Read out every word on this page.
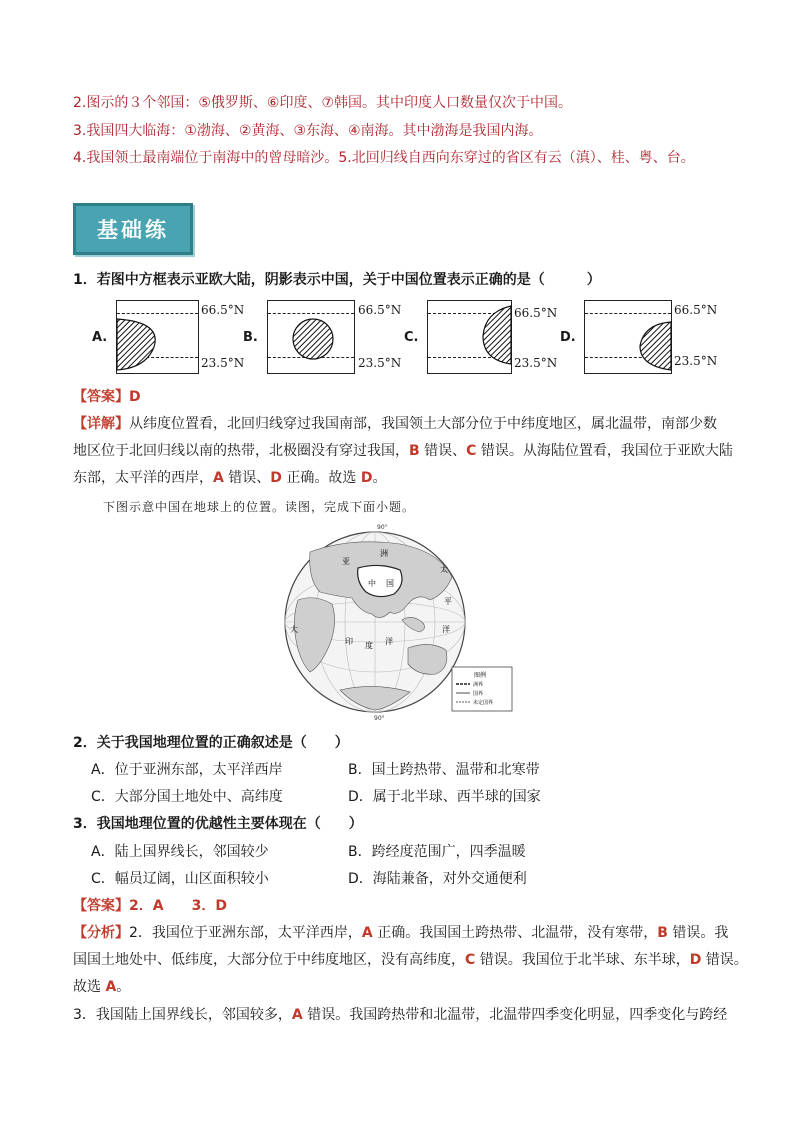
2.图示的３个邻国：⑤俄罗斯、⑥印度、⑦韩国。其中印度人口数量仅次于中国。
3.我国四大临海：①渤海、②黄海、③东海、④南海。其中渤海是我国内海。
4.我国领土最南端位于南海中的曾母暗沙。5.北回归线自西向东穿过的省区有云（滇）、桂、粤、台。
基础练
1．若图中方框表示亚欧大陆，阴影表示中国，关于中国位置表示正确的是（　　　）
A.
66.5°N
23.5°N
B.
66.5°N
23.5°N
C.
66.5°N
23.5°N
D.
66.5°N
23.5°N
【答案】D
【详解】从纬度位置看，北回归线穿过我国南部，我国领土大部分位于中纬度地区，属北温带，南部少数
地区位于北回归线以南的热带，北极圈没有穿过我国，B 错误、C 错误。从海陆位置看，我国位于亚欧大陆
东部，太平洋的西岸，A 错误、D 正确。故选 D。
下图示意中国在地球上的位置。读图，完成下面小题。
90°
90°
亚
洲
中 国
太
平
洋
印 度 洋
大
图例
洲界
国界
未定国界
2．关于我国地理位置的正确叙述是（　　）
A．位于亚洲东部，太平洋西岸	B．国土跨热带、温带和北寒带
C．大部分国土地处中、高纬度	D．属于北半球、西半球的国家
3．我国地理位置的优越性主要体现在（　　）
A．陆上国界线长，邻国较少	B．跨经度范围广，四季温暖
C．幅员辽阔，山区面积较小	D．海陆兼备，对外交通便利
【答案】2．A　　3．D
【分析】2．我国位于亚洲东部，太平洋西岸，A 正确。我国国土跨热带、北温带，没有寒带，B 错误。我
国国土地处中、低纬度，大部分位于中纬度地区，没有高纬度，C 错误。我国位于北半球、东半球，D 错误。
故选 A。
3．我国陆上国界线长，邻国较多，A 错误。我国跨热带和北温带，北温带四季变化明显，四季变化与跨经
